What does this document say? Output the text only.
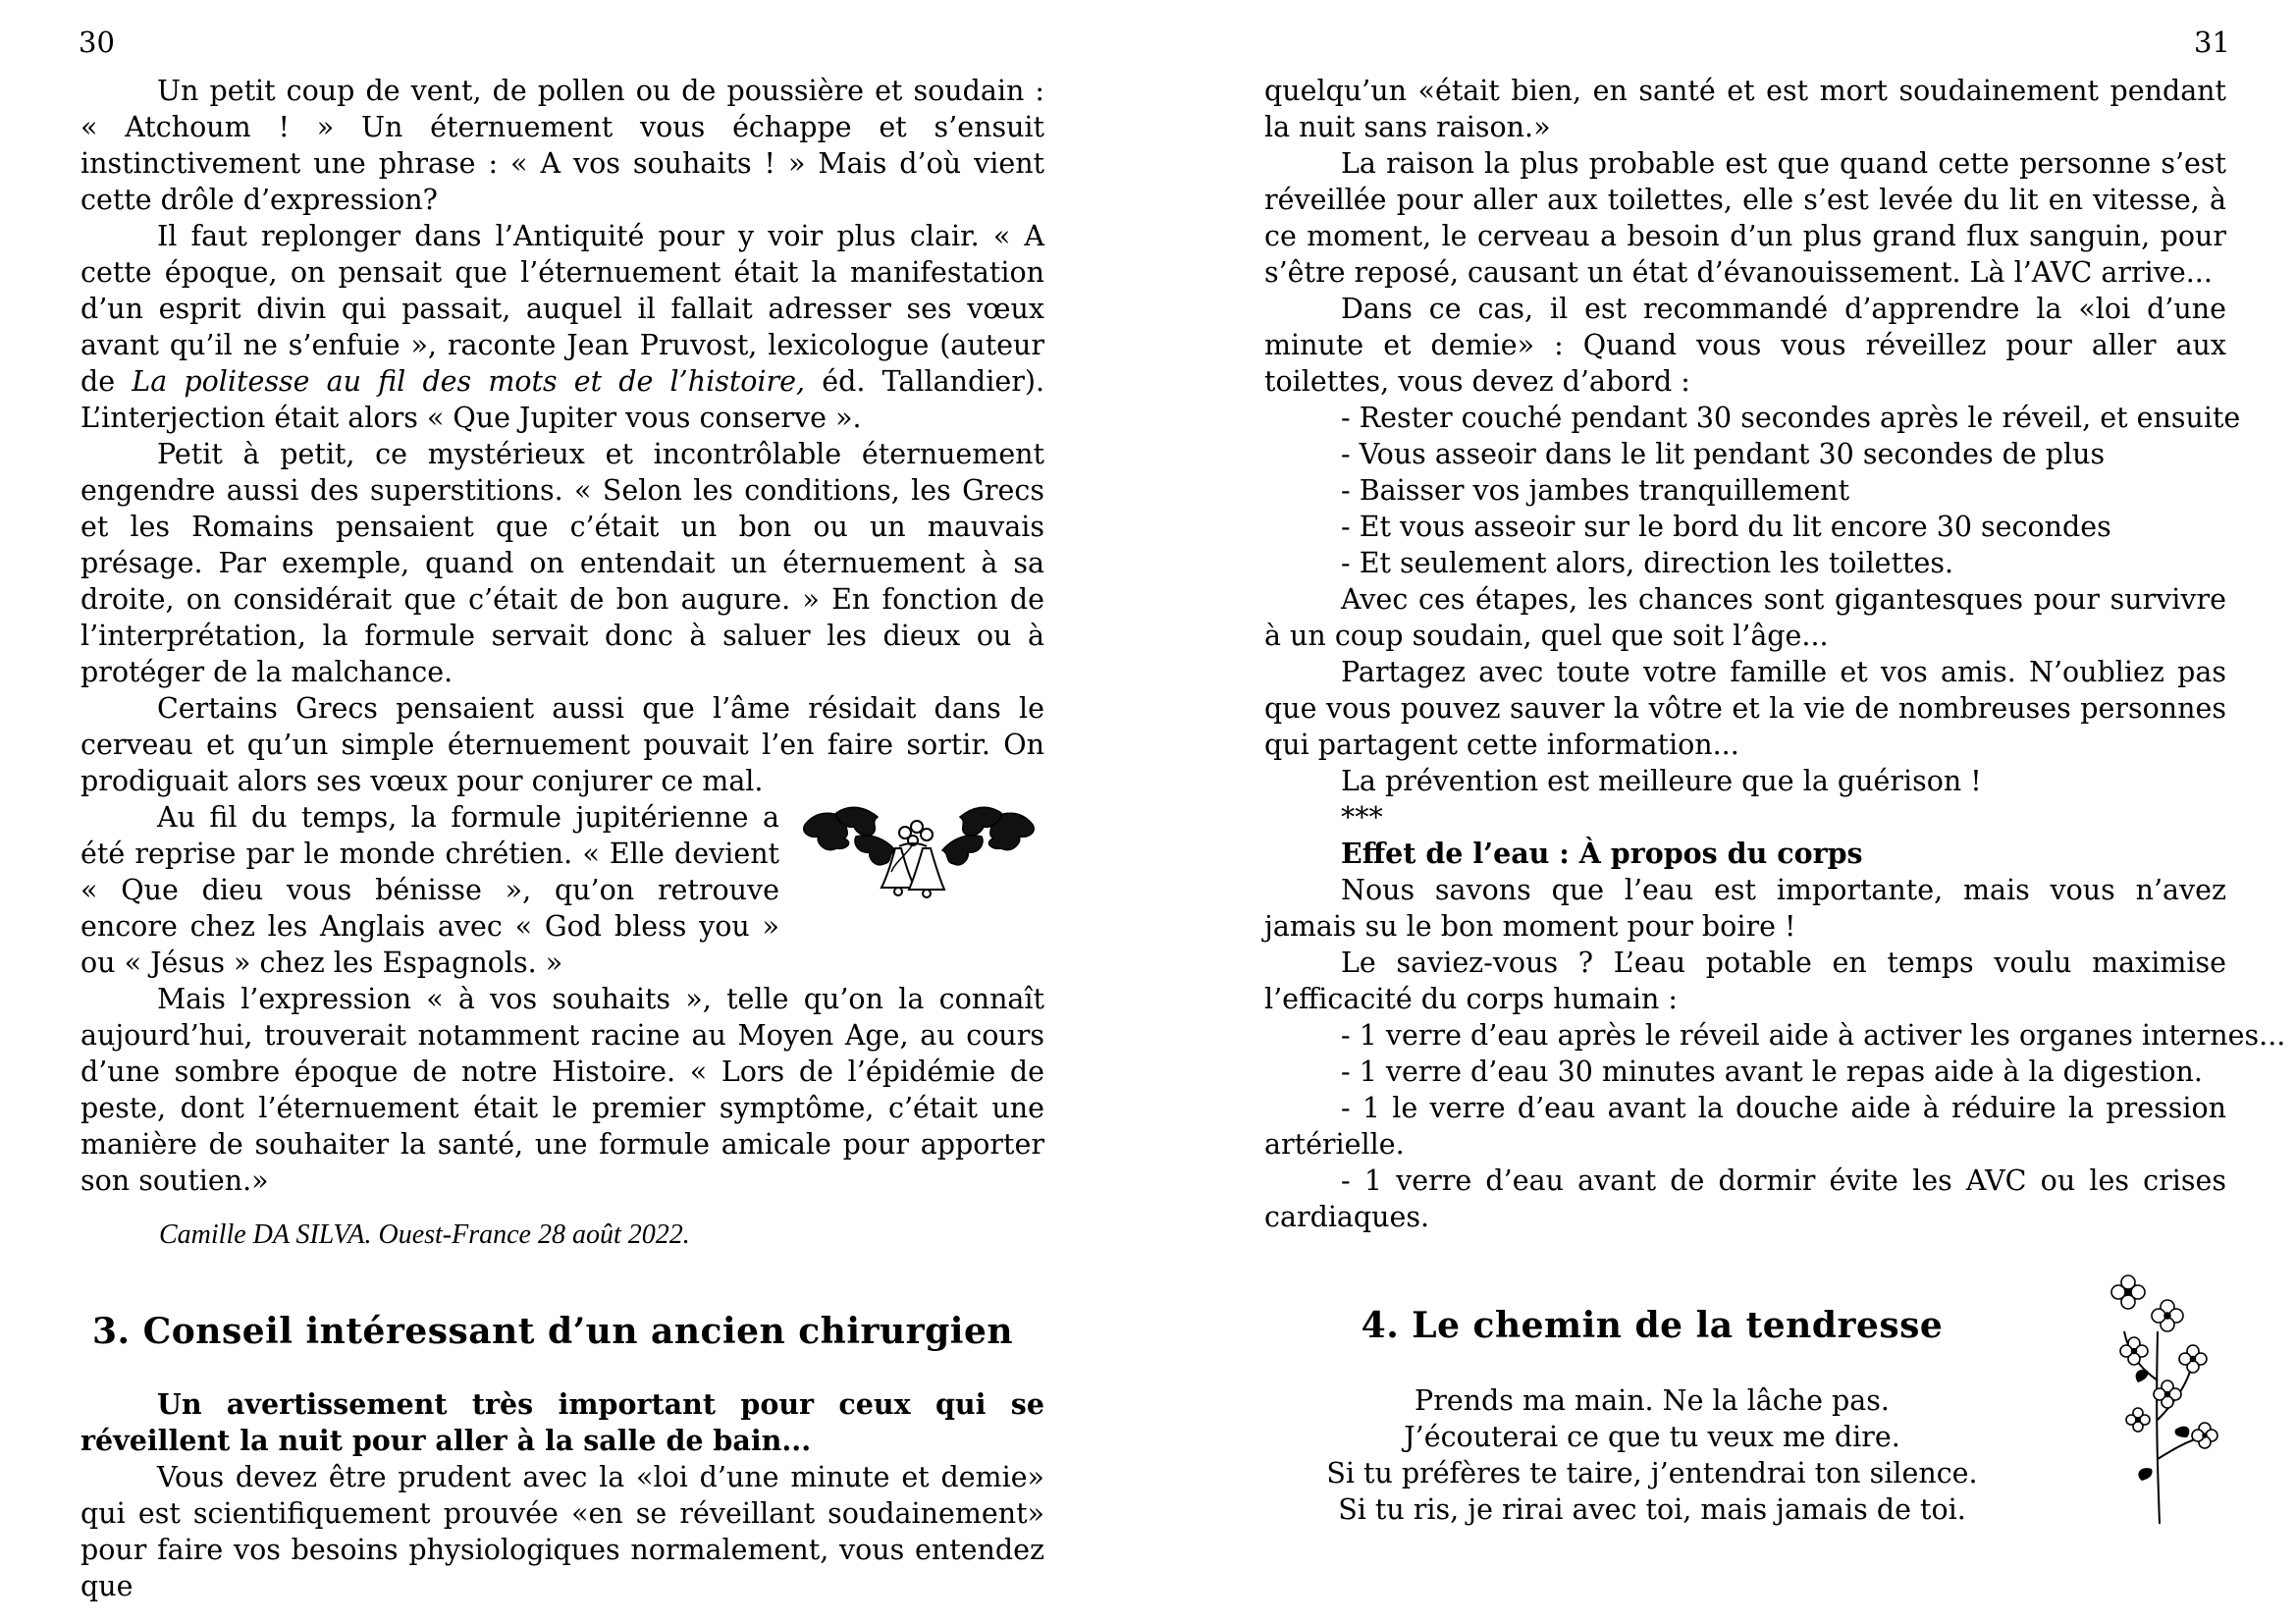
30	31

Un petit coup de vent, de pollen ou de poussière et soudain : « Atchoum ! » Un éternuement vous échappe et s’ensuit instinctivement une phrase : « A vos souhaits ! » Mais d’où vient cette drôle d’expression?

Il faut replonger dans l’Antiquité pour y voir plus clair. « A cette époque, on pensait que l’éternuement était la manifestation d’un esprit divin qui passait, auquel il fallait adresser ses vœux avant qu’il ne s’enfuie », raconte Jean Pruvost, lexicologue (auteur de La politesse au fil des mots et de l’histoire, éd. Tallandier). L’interjection était alors « Que Jupiter vous conserve ».

Petit à petit, ce mystérieux et incontrôlable éternuement engendre aussi des superstitions. « Selon les conditions, les Grecs et les Romains pensaient que c’était un bon ou un mauvais présage. Par exemple, quand on entendait un éternuement à sa droite, on considérait que c’était de bon augure. » En fonction de l’interprétation, la formule servait donc à saluer les dieux ou à protéger de la malchance.

Certains Grecs pensaient aussi que l’âme résidait dans le cerveau et qu’un simple éternuement pouvait l’en faire sortir. On prodiguait alors ses vœux pour conjurer ce mal.

Au fil du temps, la formule jupitérienne a été reprise par le monde chrétien. « Elle devient « Que dieu vous bénisse », qu’on retrouve encore chez les Anglais avec « God bless you » ou « Jésus » chez les Espagnols. »

Mais l’expression « à vos souhaits », telle qu’on la connaît aujourd’hui, trouverait notamment racine au Moyen Age, au cours d’une sombre époque de notre Histoire. « Lors de l’épidémie de peste, dont l’éternuement était le premier symptôme, c’était une manière de souhaiter la santé, une formule amicale pour apporter son soutien.»

Camille DA SILVA. Ouest-France 28 août 2022.

3. Conseil intéressant d’un ancien chirurgien

Un avertissement très important pour ceux qui se réveillent la nuit pour aller à la salle de bain...

Vous devez être prudent avec la «loi d’une minute et demie» qui est scientifiquement prouvée «en se réveillant soudainement» pour faire vos besoins physiologiques normalement, vous entendez que

quelqu’un «était bien, en santé et est mort soudainement pendant la nuit sans raison.»

La raison la plus probable est que quand cette personne s’est réveillée pour aller aux toilettes, elle s’est levée du lit en vitesse, à ce moment, le cerveau a besoin d’un plus grand flux sanguin, pour s’être reposé, causant un état d’évanouissement. Là l’AVC arrive...

Dans ce cas, il est recommandé d’apprendre la «loi d’une minute et demie» : Quand vous vous réveillez pour aller aux toilettes, vous devez d’abord :

- Rester couché pendant 30 secondes après le réveil, et ensuite
- Vous asseoir dans le lit pendant 30 secondes de plus
- Baisser vos jambes tranquillement
- Et vous asseoir sur le bord du lit encore 30 secondes
- Et seulement alors, direction les toilettes.

Avec ces étapes, les chances sont gigantesques pour survivre à un coup soudain, quel que soit l’âge...

Partagez avec toute votre famille et vos amis. N’oubliez pas que vous pouvez sauver la vôtre et la vie de nombreuses personnes qui partagent cette information...

La prévention est meilleure que la guérison !

***
Effet de l’eau : À propos du corps

Nous savons que l’eau est importante, mais vous n’avez jamais su le bon moment pour boire !

Le saviez-vous ? L’eau potable en temps voulu maximise l’efficacité du corps humain :

- 1 verre d’eau après le réveil aide à activer les organes internes...
- 1 verre d’eau 30 minutes avant le repas aide à la digestion.

- 1 le verre d’eau avant la douche aide à réduire la pression artérielle.

- 1 verre d’eau avant de dormir évite les AVC ou les crises cardiaques.

4. Le chemin de la tendresse
Prends ma main. Ne la lâche pas.
J’écouterai ce que tu veux me dire.
Si tu préfères te taire, j’entendrai ton silence.
Si tu ris, je rirai avec toi, mais jamais de toi.
